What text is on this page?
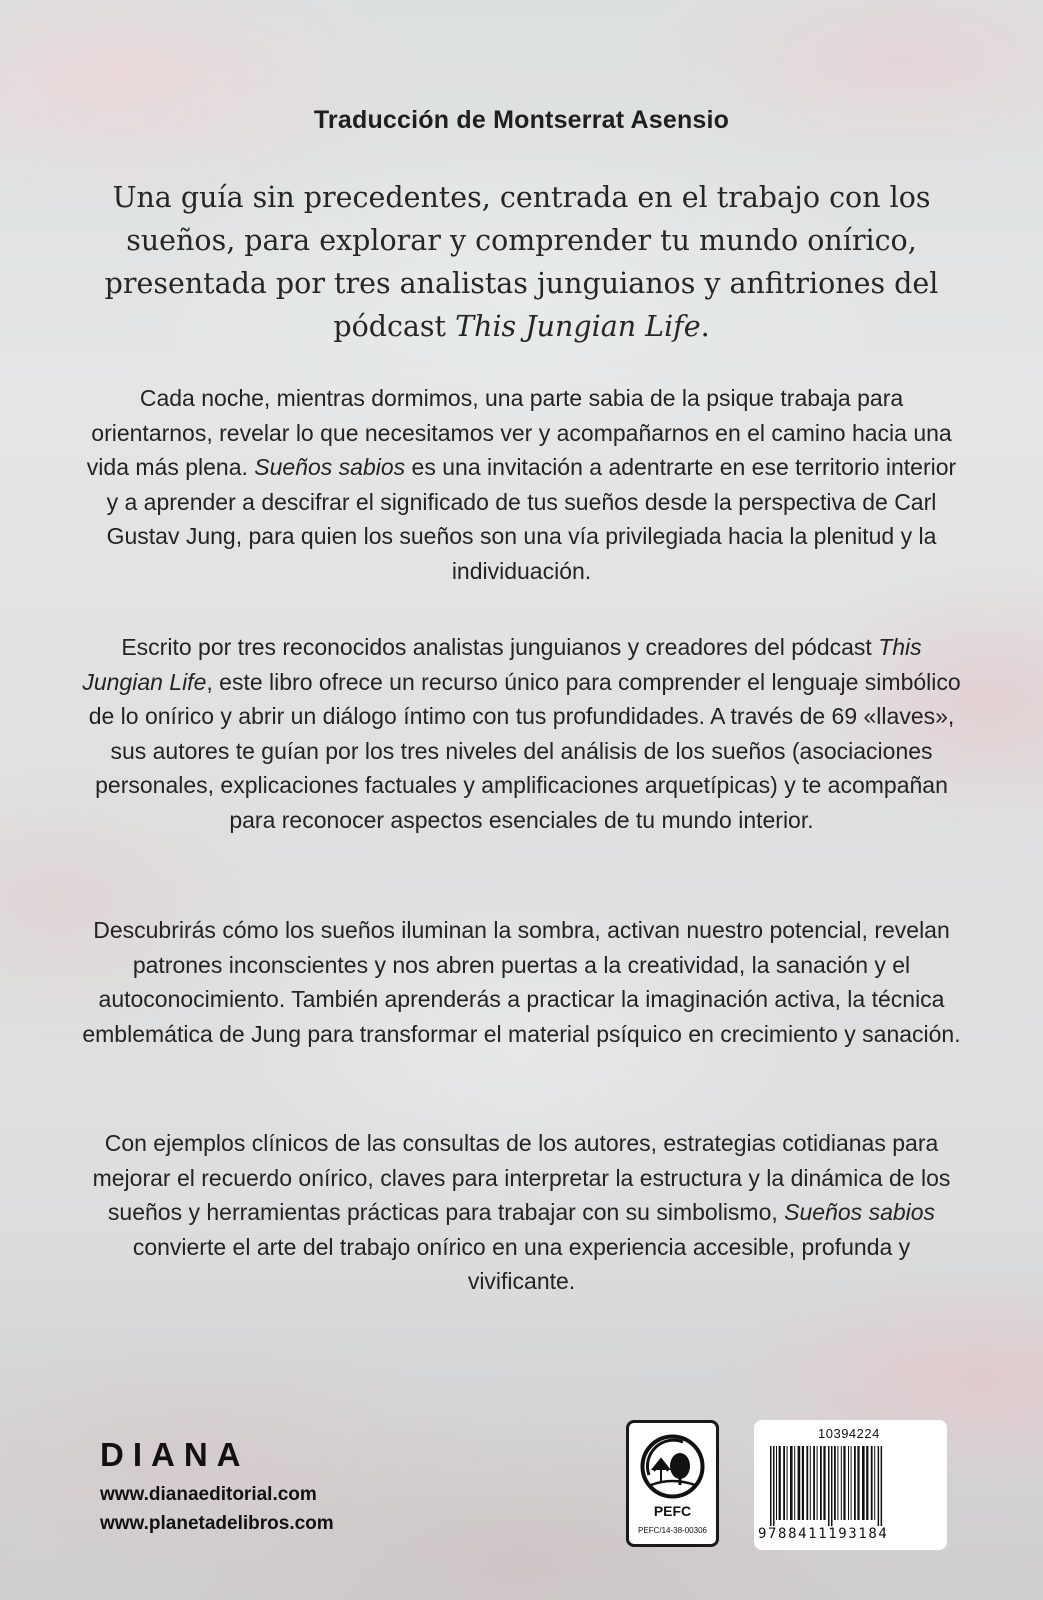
Traducción de Montserrat Asensio
Una guía sin precedentes, centrada en el trabajo con los sueños, para explorar y comprender tu mundo onírico, presentada por tres analistas junguianos y anfitriones del pódcast This Jungian Life.
Cada noche, mientras dormimos, una parte sabia de la psique trabaja para orientarnos, revelar lo que necesitamos ver y acompañarnos en el camino hacia una vida más plena. Sueños sabios es una invitación a adentrarte en ese territorio interior y a aprender a descifrar el significado de tus sueños desde la perspectiva de Carl Gustav Jung, para quien los sueños son una vía privilegiada hacia la plenitud y la individuación.
Escrito por tres reconocidos analistas junguianos y creadores del pódcast This Jungian Life, este libro ofrece un recurso único para comprender el lenguaje simbólico de lo onírico y abrir un diálogo íntimo con tus profundidades. A través de 69 «llaves», sus autores te guían por los tres niveles del análisis de los sueños (asociaciones personales, explicaciones factuales y amplificaciones arquetípicas) y te acompañan para reconocer aspectos esenciales de tu mundo interior.
Descubrirás cómo los sueños iluminan la sombra, activan nuestro potencial, revelan patrones inconscientes y nos abren puertas a la creatividad, la sanación y el autoconocimiento. También aprenderás a practicar la imaginación activa, la técnica emblemática de Jung para transformar el material psíquico en crecimiento y sanación.
Con ejemplos clínicos de las consultas de los autores, estrategias cotidianas para mejorar el recuerdo onírico, claves para interpretar la estructura y la dinámica de los sueños y herramientas prácticas para trabajar con su simbolismo, Sueños sabios convierte el arte del trabajo onírico en una experiencia accesible, profunda y vivificante.
DIANA
www.dianaeditorial.com
www.planetadelibros.com
PEFC
PEFC/14-38-00306
10394224
9788411193184
